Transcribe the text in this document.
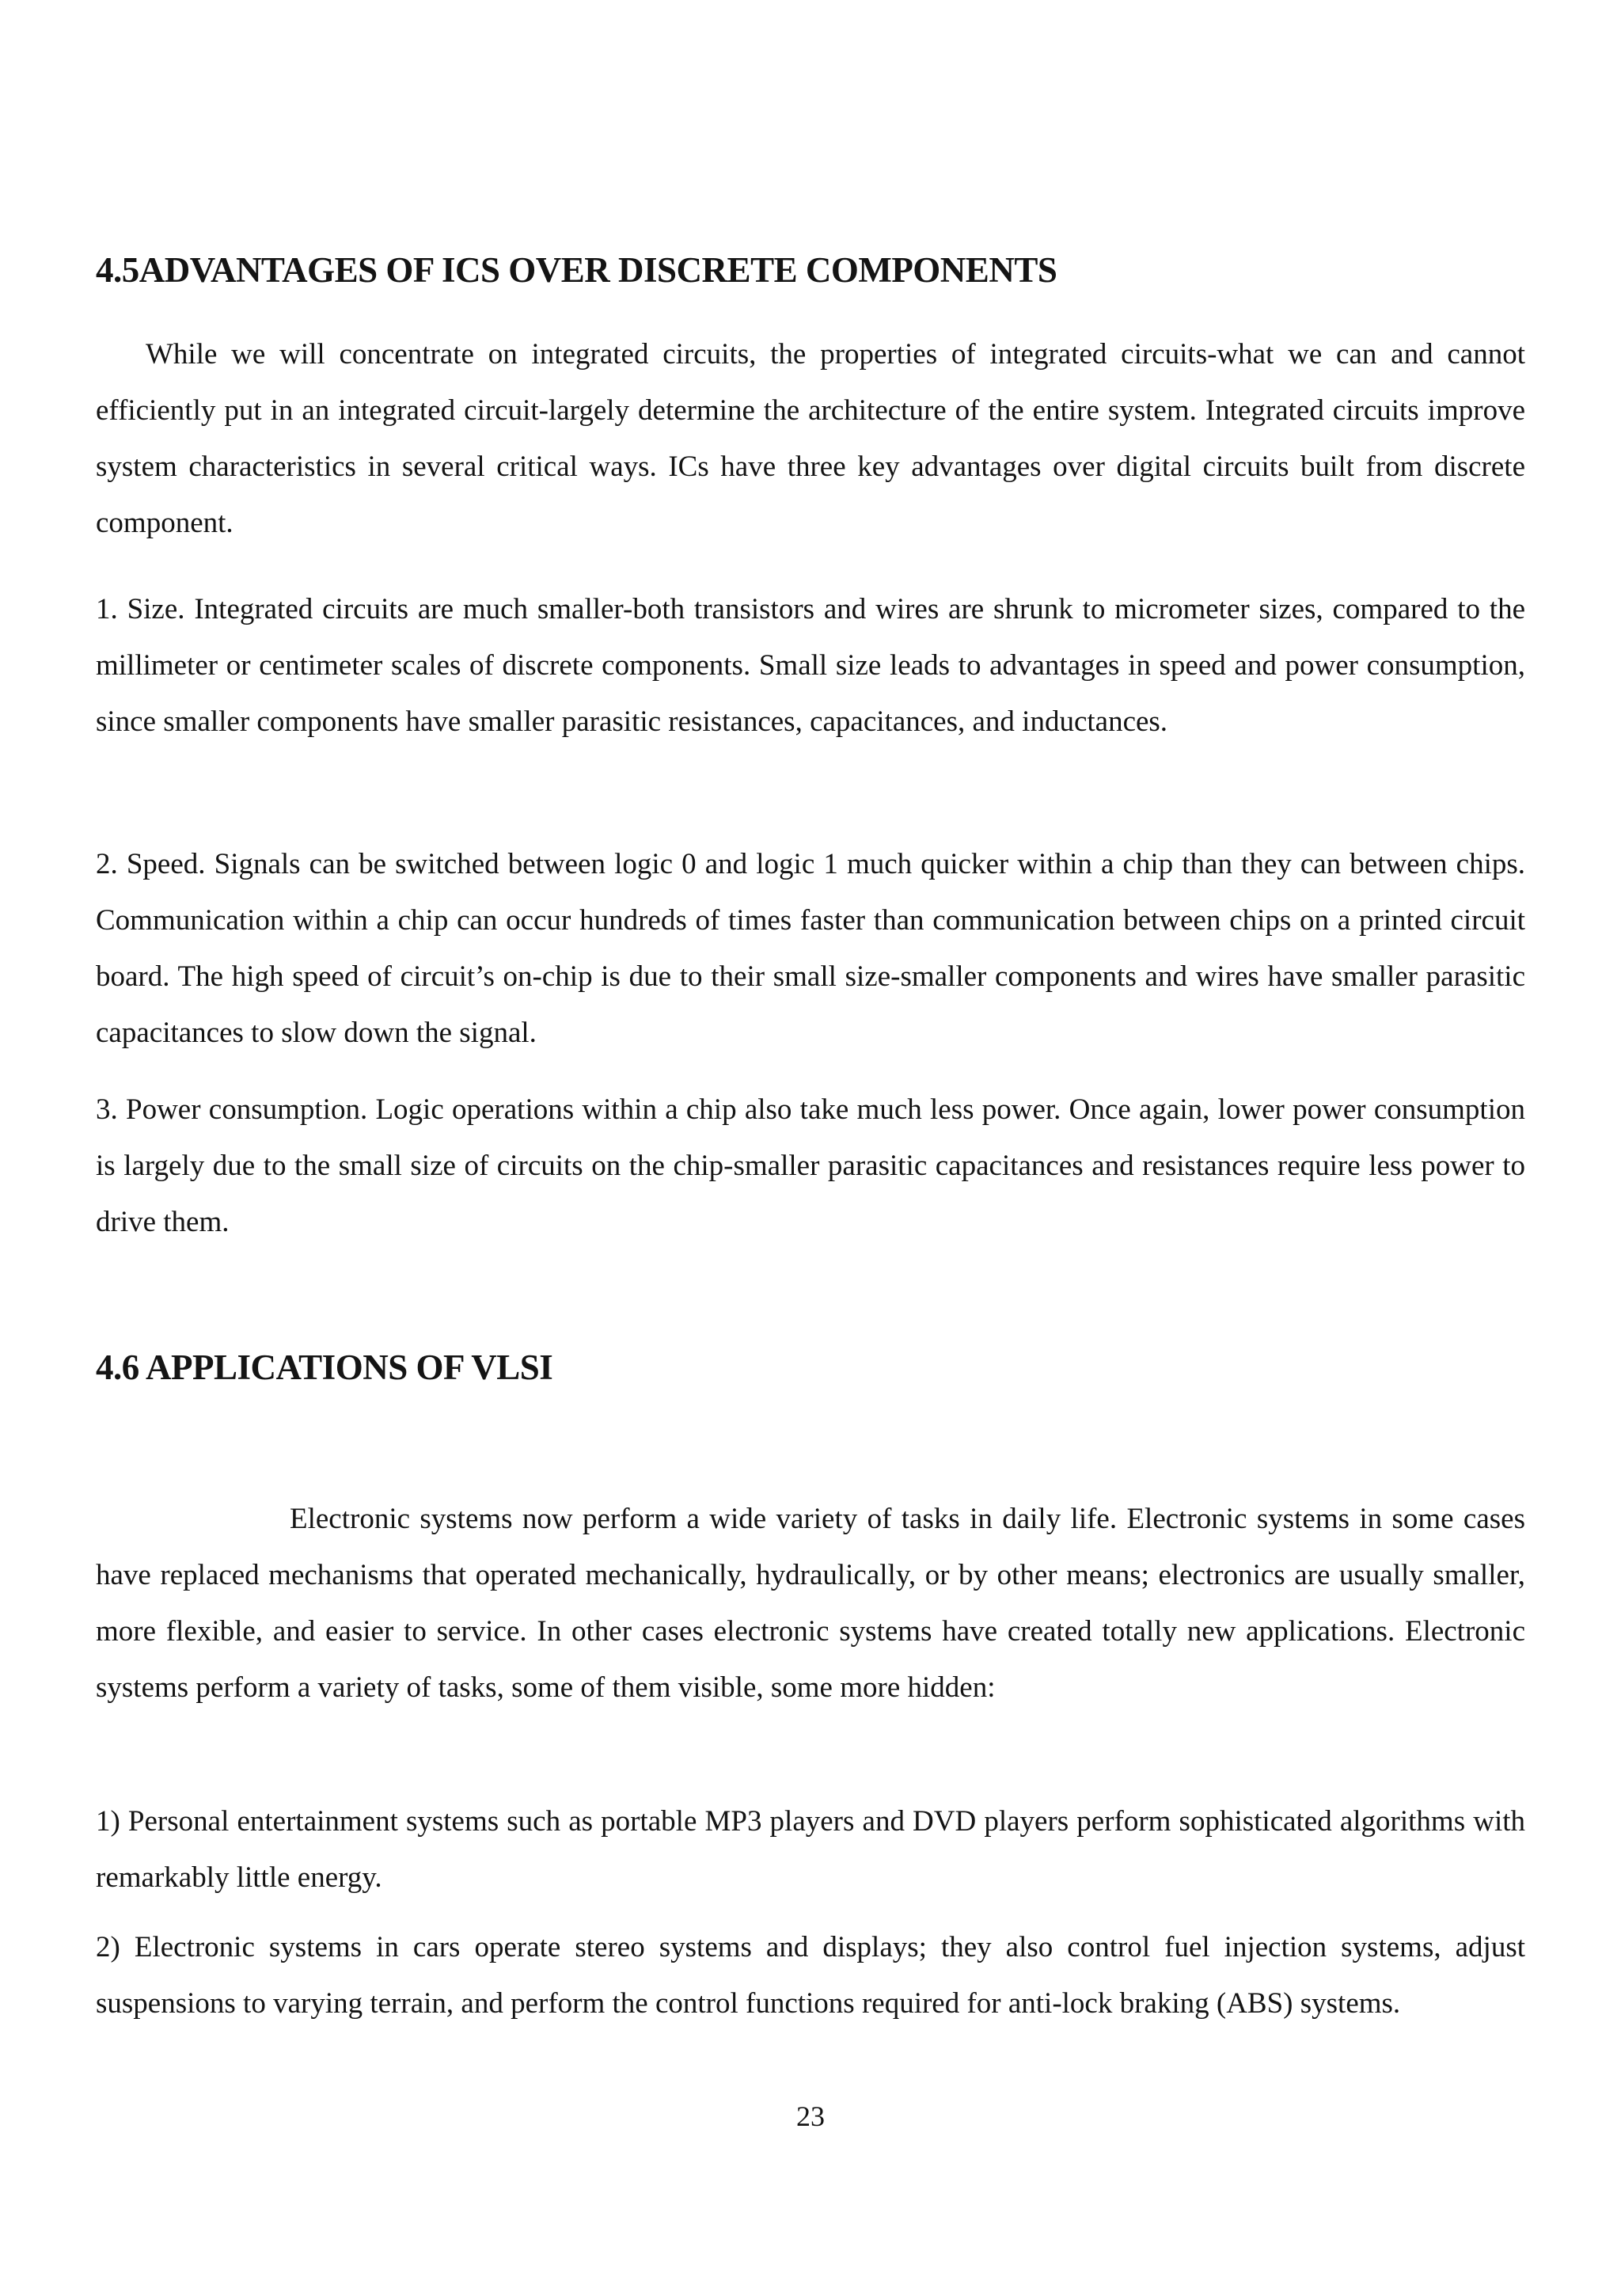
4.5ADVANTAGES OF ICS OVER DISCRETE COMPONENTS

While we will concentrate on integrated circuits, the properties of integrated circuits-what we can and cannot efficiently put in an integrated circuit-largely determine the architecture of the entire system. Integrated circuits improve system characteristics in several critical ways. ICs have three key advantages over digital circuits built from discrete component.

1. Size. Integrated circuits are much smaller-both transistors and wires are shrunk to micrometer sizes, compared to the millimeter or centimeter scales of discrete components. Small size leads to advantages in speed and power consumption, since smaller components have smaller parasitic resistances, capacitances, and inductances.

2. Speed. Signals can be switched between logic 0 and logic 1 much quicker within a chip than they can between chips. Communication within a chip can occur hundreds of times faster than communication between chips on a printed circuit board. The high speed of circuit’s on-chip is due to their small size-smaller components and wires have smaller parasitic capacitances to slow down the signal.

3. Power consumption. Logic operations within a chip also take much less power. Once again, lower power consumption is largely due to the small size of circuits on the chip-smaller parasitic capacitances and resistances require less power to drive them.

4.6 APPLICATIONS OF VLSI

Electronic systems now perform a wide variety of tasks in daily life. Electronic systems in some cases have replaced mechanisms that operated mechanically, hydraulically, or by other means; electronics are usually smaller, more flexible, and easier to service. In other cases electronic systems have created totally new applications. Electronic systems perform a variety of tasks, some of them visible, some more hidden:

1) Personal entertainment systems such as portable MP3 players and DVD players perform sophisticated algorithms with remarkably little energy.

2) Electronic systems in cars operate stereo systems and displays; they also control fuel injection systems, adjust suspensions to varying terrain, and perform the control functions required for anti-lock braking (ABS) systems.

23
